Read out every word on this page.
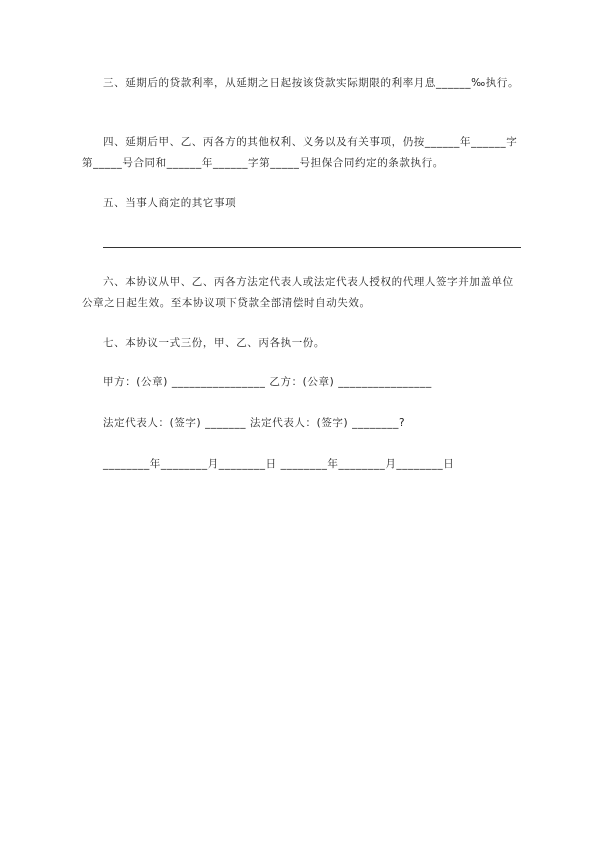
三、延期后的贷款利率，从延期之日起按该贷款实际期限的利率月息______‰执行。

四、延期后甲、乙、丙各方的其他权利、义务以及有关事项，仍按______年______字第_____号合同和______年______字第_____号担保合同约定的条款执行。

五、当事人商定的其它事项

六、本协议从甲、乙、丙各方法定代表人或法定代表人授权的代理人签字并加盖单位公章之日起生效。至本协议项下贷款全部清偿时自动失效。

七、本协议一式三份，甲、乙、丙各执一份。

甲方：(公章) ________________ 乙方：(公章) ________________

法定代表人：(签字) _______ 法定代表人：(签字) ________?

________年________月________日 ________年________月________日
